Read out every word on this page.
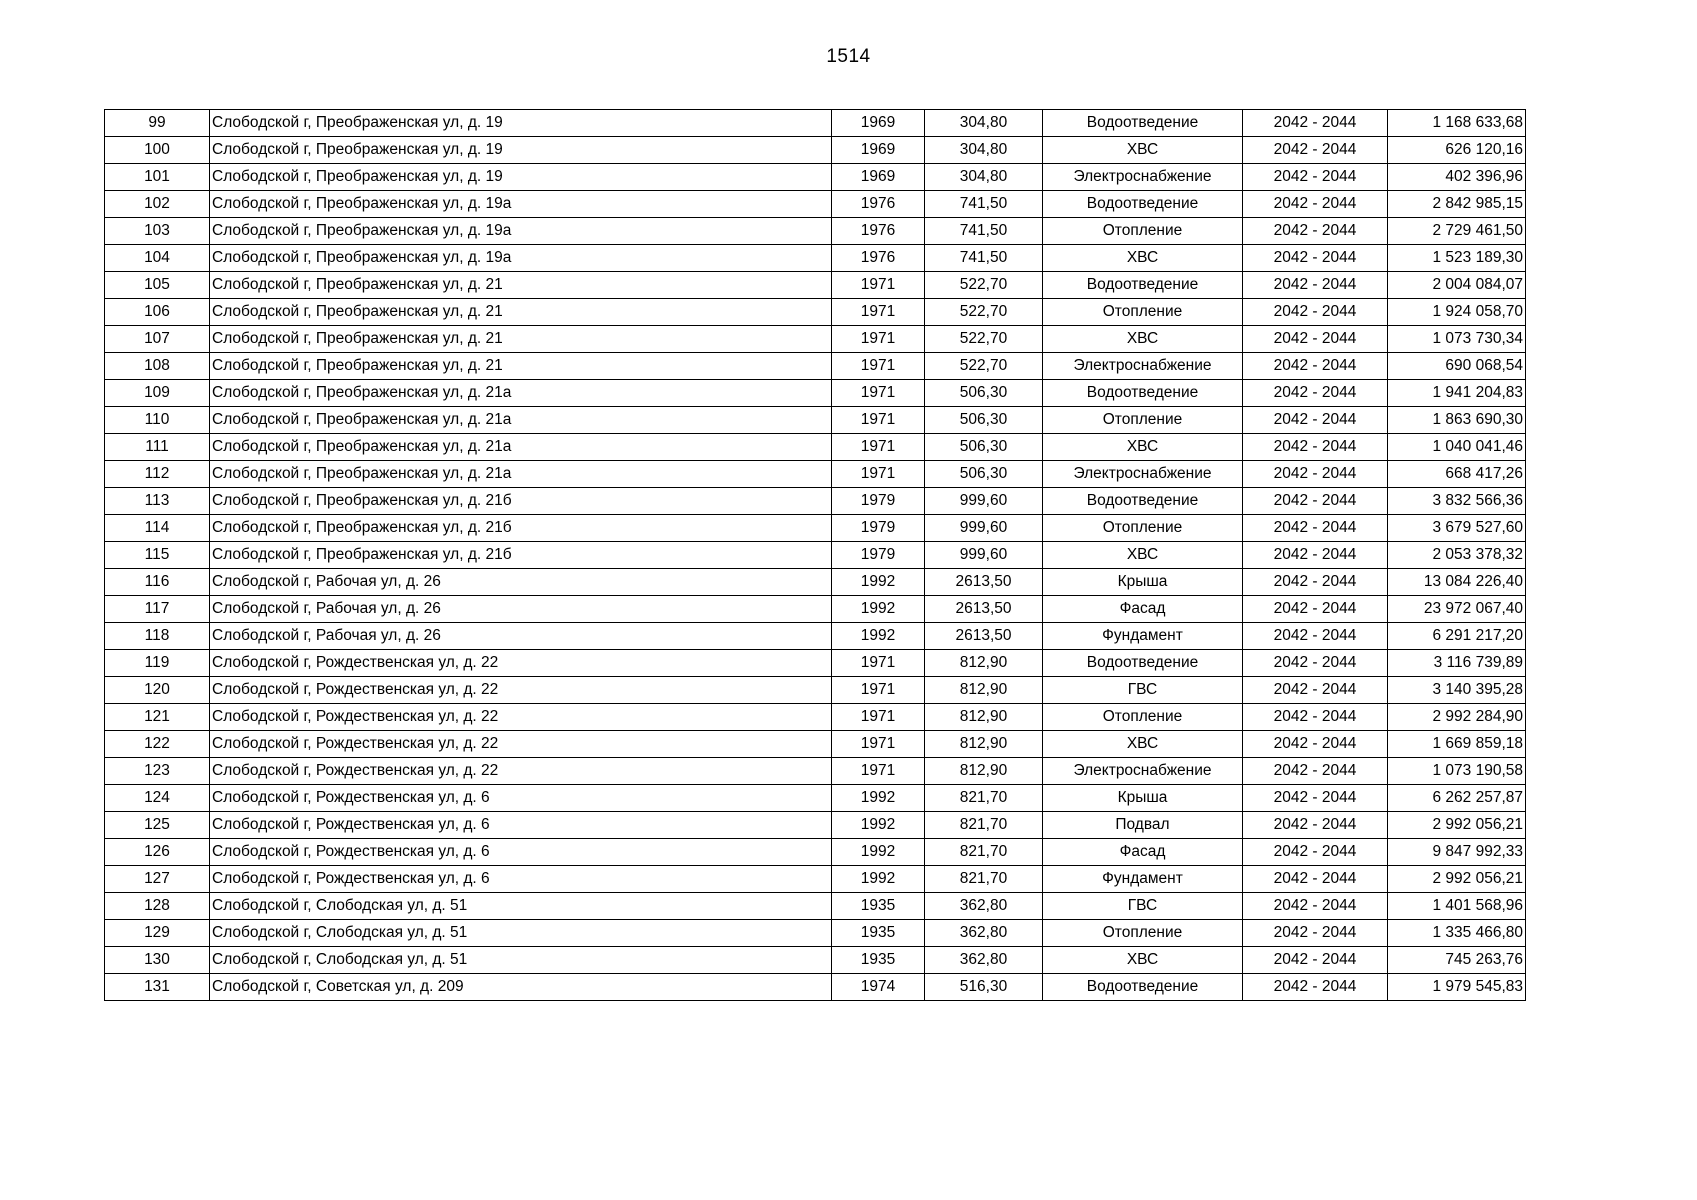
1514
99	Слободской г, Преображенская ул, д. 19	1969	304,80	Водоотведение	2042 - 2044	1 168 633,68
100	Слободской г, Преображенская ул, д. 19	1969	304,80	ХВС	2042 - 2044	626 120,16
101	Слободской г, Преображенская ул, д. 19	1969	304,80	Электроснабжение	2042 - 2044	402 396,96
102	Слободской г, Преображенская ул, д. 19а	1976	741,50	Водоотведение	2042 - 2044	2 842 985,15
103	Слободской г, Преображенская ул, д. 19а	1976	741,50	Отопление	2042 - 2044	2 729 461,50
104	Слободской г, Преображенская ул, д. 19а	1976	741,50	ХВС	2042 - 2044	1 523 189,30
105	Слободской г, Преображенская ул, д. 21	1971	522,70	Водоотведение	2042 - 2044	2 004 084,07
106	Слободской г, Преображенская ул, д. 21	1971	522,70	Отопление	2042 - 2044	1 924 058,70
107	Слободской г, Преображенская ул, д. 21	1971	522,70	ХВС	2042 - 2044	1 073 730,34
108	Слободской г, Преображенская ул, д. 21	1971	522,70	Электроснабжение	2042 - 2044	690 068,54
109	Слободской г, Преображенская ул, д. 21а	1971	506,30	Водоотведение	2042 - 2044	1 941 204,83
110	Слободской г, Преображенская ул, д. 21а	1971	506,30	Отопление	2042 - 2044	1 863 690,30
111	Слободской г, Преображенская ул, д. 21а	1971	506,30	ХВС	2042 - 2044	1 040 041,46
112	Слободской г, Преображенская ул, д. 21а	1971	506,30	Электроснабжение	2042 - 2044	668 417,26
113	Слободской г, Преображенская ул, д. 21б	1979	999,60	Водоотведение	2042 - 2044	3 832 566,36
114	Слободской г, Преображенская ул, д. 21б	1979	999,60	Отопление	2042 - 2044	3 679 527,60
115	Слободской г, Преображенская ул, д. 21б	1979	999,60	ХВС	2042 - 2044	2 053 378,32
116	Слободской г, Рабочая ул, д. 26	1992	2613,50	Крыша	2042 - 2044	13 084 226,40
117	Слободской г, Рабочая ул, д. 26	1992	2613,50	Фасад	2042 - 2044	23 972 067,40
118	Слободской г, Рабочая ул, д. 26	1992	2613,50	Фундамент	2042 - 2044	6 291 217,20
119	Слободской г, Рождественская ул, д. 22	1971	812,90	Водоотведение	2042 - 2044	3 116 739,89
120	Слободской г, Рождественская ул, д. 22	1971	812,90	ГВС	2042 - 2044	3 140 395,28
121	Слободской г, Рождественская ул, д. 22	1971	812,90	Отопление	2042 - 2044	2 992 284,90
122	Слободской г, Рождественская ул, д. 22	1971	812,90	ХВС	2042 - 2044	1 669 859,18
123	Слободской г, Рождественская ул, д. 22	1971	812,90	Электроснабжение	2042 - 2044	1 073 190,58
124	Слободской г, Рождественская ул, д. 6	1992	821,70	Крыша	2042 - 2044	6 262 257,87
125	Слободской г, Рождественская ул, д. 6	1992	821,70	Подвал	2042 - 2044	2 992 056,21
126	Слободской г, Рождественская ул, д. 6	1992	821,70	Фасад	2042 - 2044	9 847 992,33
127	Слободской г, Рождественская ул, д. 6	1992	821,70	Фундамент	2042 - 2044	2 992 056,21
128	Слободской г, Слободская ул, д. 51	1935	362,80	ГВС	2042 - 2044	1 401 568,96
129	Слободской г, Слободская ул, д. 51	1935	362,80	Отопление	2042 - 2044	1 335 466,80
130	Слободской г, Слободская ул, д. 51	1935	362,80	ХВС	2042 - 2044	745 263,76
131	Слободской г, Советская ул, д. 209	1974	516,30	Водоотведение	2042 - 2044	1 979 545,83
